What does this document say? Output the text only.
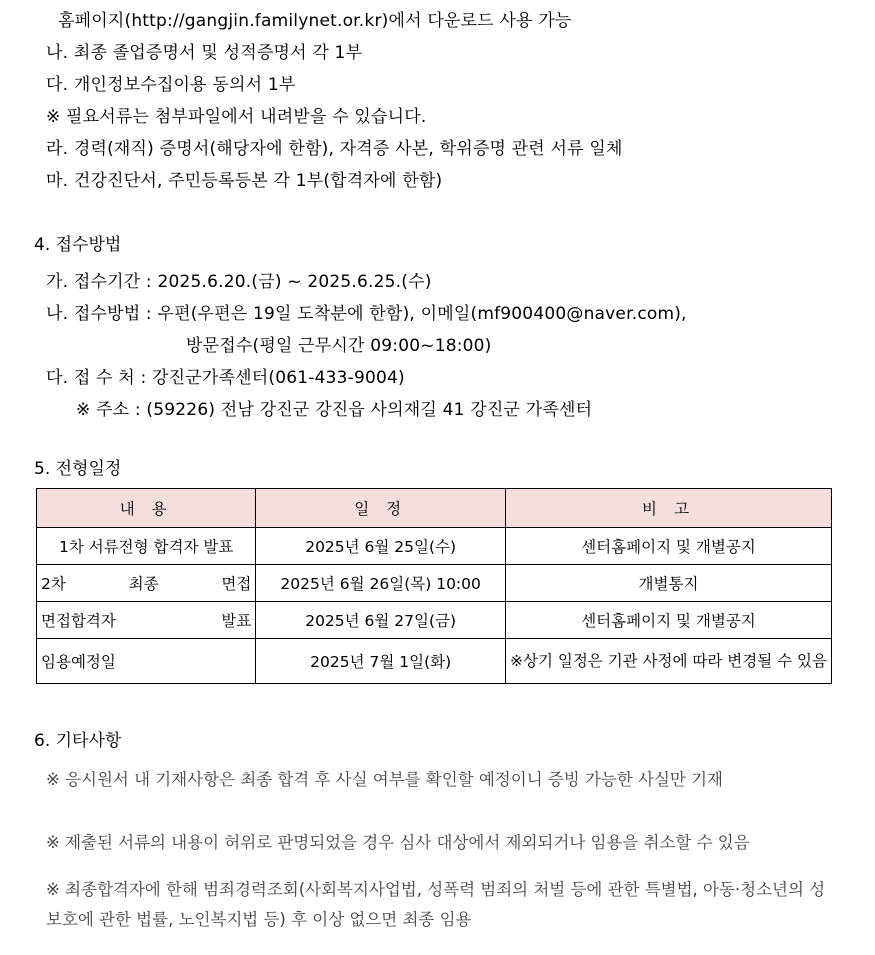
홈페이지(http://gangjin.familynet.or.kr)에서 다운로드 사용 가능
나. 최종 졸업증명서 및 성적증명서 각 1부
다. 개인정보수집이용 동의서 1부
※ 필요서류는 첨부파일에서 내려받을 수 있습니다.
라. 경력(재직) 증명서(해당자에 한함), 자격증 사본, 학위증명 관련 서류 일체
마. 건강진단서, 주민등록등본 각 1부(합격자에 한함)
4. 접수방법
가. 접수기간 : 2025.6.20.(금) ~ 2025.6.25.(수)
나. 접수방법 : 우편(우편은 19일 도착분에 한함), 이메일(mf900400@naver.com),
방문접수(평일 근무시간 09:00~18:00)
다. 접 수 처 : 강진군가족센터(061-433-9004)
※ 주소 : (59226) 전남 강진군 강진읍 사의재길 41 강진군 가족센터
5. 전형일정
내 용	일 정	비 고
1차 서류전형 합격자 발표	2025년 6월 25일(수)	센터홈페이지 및 개별공지
2차 최종 면접	2025년 6월 26일(목) 10:00	개별통지
면접합격자 발표	2025년 6월 27일(금)	센터홈페이지 및 개별공지
임용예정일	2025년 7월 1일(화)	※상기 일정은 기관 사정에 따라 변경될 수 있음
6. 기타사항
※ 응시원서 내 기재사항은 최종 합격 후 사실 여부를 확인할 예정이니 증빙 가능한 사실만 기재
※ 제출된 서류의 내용이 허위로 판명되었을 경우 심사 대상에서 제외되거나 임용을 취소할 수 있음
※ 최종합격자에 한해 범죄경력조회(사회복지사업법, 성폭력 범죄의 처벌 등에 관한 특별법, 아동·청소년의 성 보호에 관한 법률, 노인복지법 등) 후 이상 없으면 최종 임용
